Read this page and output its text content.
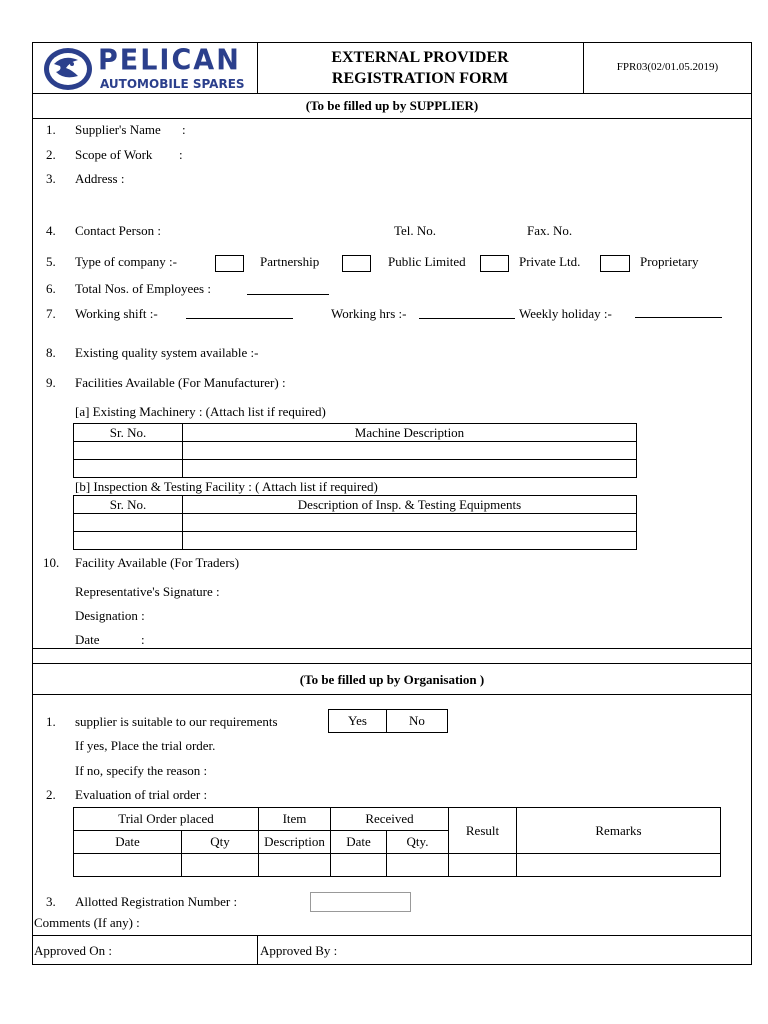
PELICAN
AUTOMOBILE SPARES
EXTERNAL PROVIDER
REGISTRATION FORM
FPR03(02/01.05.2019)
(To be filled up by SUPPLIER)
1. Supplier's Name :
2. Scope of Work :
3. Address :
4. Contact Person :	Tel. No.	Fax. No.
5. Type of company :-	Partnership	Public Limited	Private Ltd.	Proprietary
6. Total Nos. of Employees :
7. Working shift :-	Working hrs :-	Weekly holiday :-
8. Existing quality system available :-
9. Facilities Available (For Manufacturer) :
[a] Existing Machinery : (Attach list if required)
Sr. No.	Machine Description

[b] Inspection & Testing Facility : ( Attach list if required)
Sr. No.	Description of Insp. & Testing Equipments

10. Facility Available (For Traders)
Representative's Signature :
Designation :
Date	:
(To be filled up by Organisation )
1. supplier is suitable to our requirements	Yes	No
If yes, Place the trial order.
If no, specify the reason :
2. Evaluation of trial order :
Trial Order placed		Item	Received		Result	Remarks
Date	Qty	Description	Date	Qty.		

3. Allotted Registration Number :
Comments (If any) :
Approved On :	Approved By :
